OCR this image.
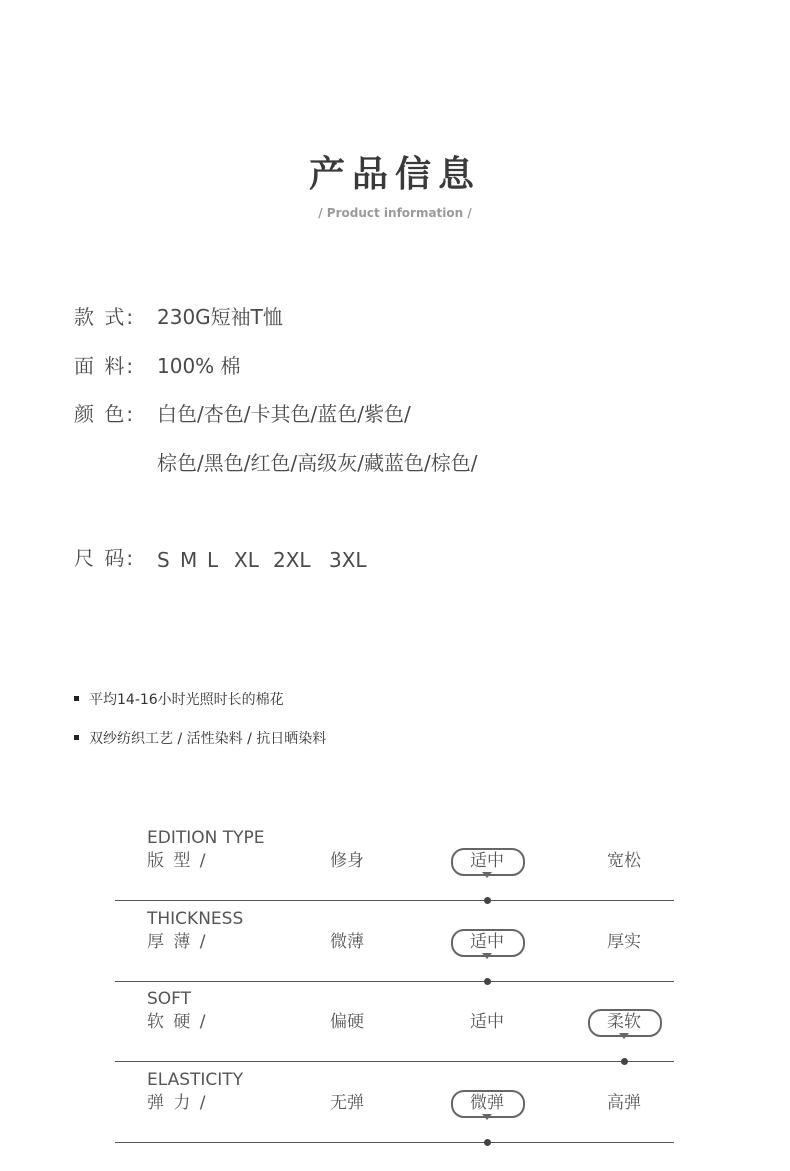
产品信息
/ Product information /
款 式: 230G短袖T恤
面 料: 100% 棉
颜 色: 白色/杏色/卡其色/蓝色/紫色/
棕色/黑色/红色/高级灰/藏蓝色/棕色/
尺 码: S M L XL 2XL 3XL
平均14-16小时光照时长的棉花
双纱纺织工艺 / 活性染料 / 抗日晒染料
EDITION TYPE
版 型 /	修身	适中	宽松
THICKNESS
厚 薄 /	微薄	适中	厚实
SOFT
软 硬 /	偏硬	适中	柔软
ELASTICITY
弹 力 /	无弹	微弹	高弹
